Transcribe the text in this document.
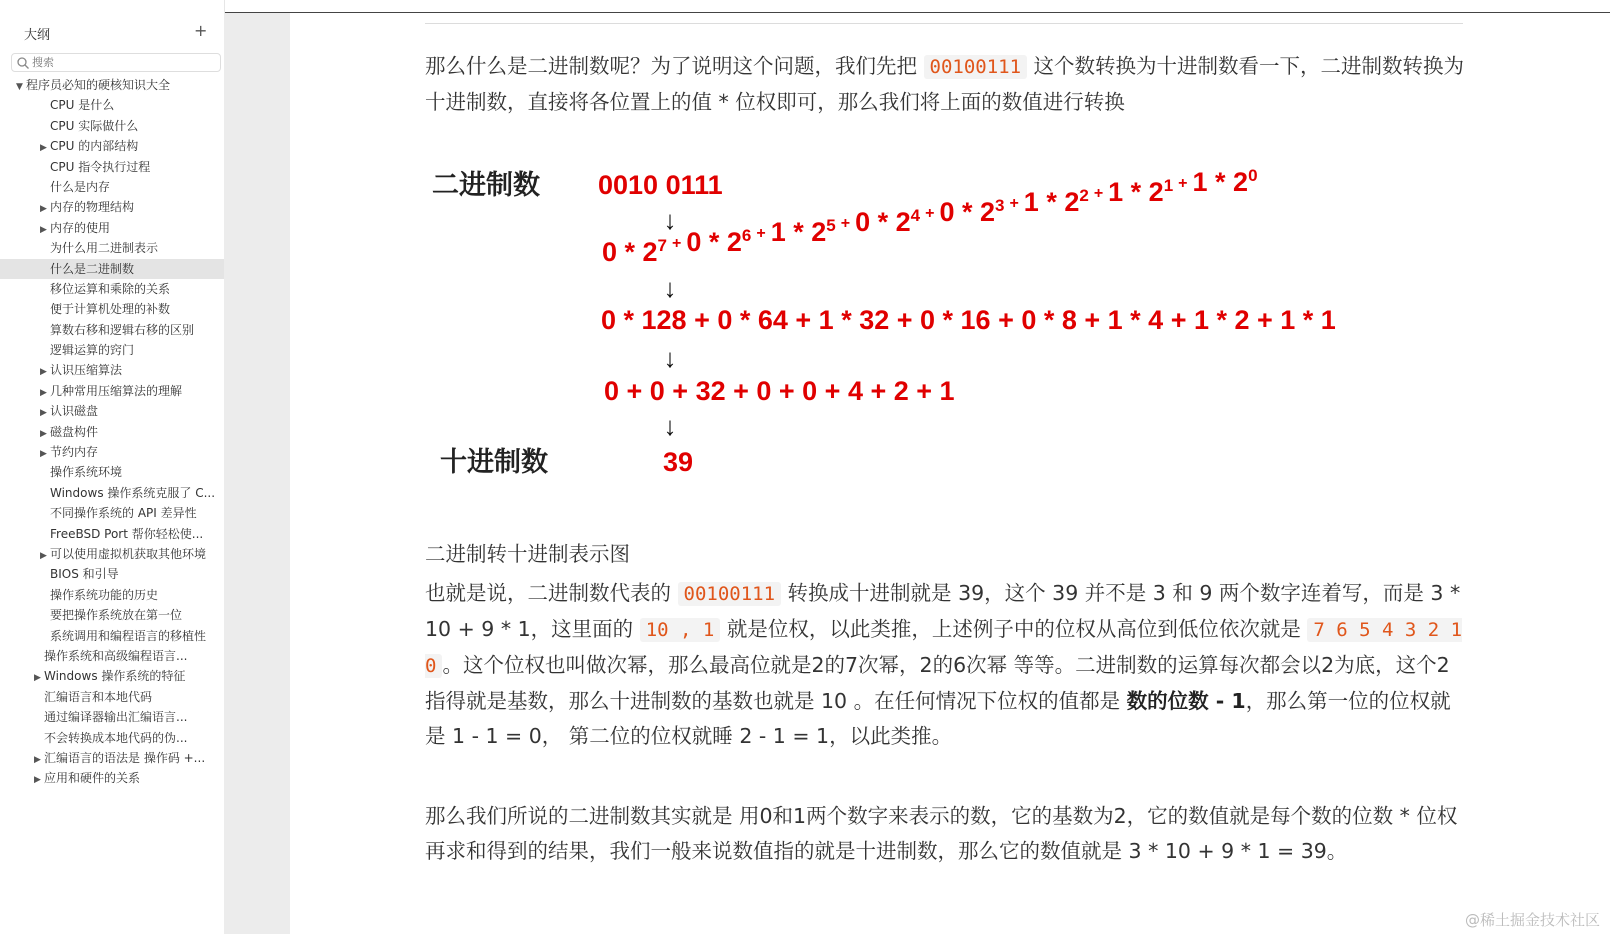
大纲	+
搜索
▼ 程序员必知的硬核知识大全
CPU 是什么
CPU 实际做什么
▶ CPU 的内部结构
CPU 指令执行过程
什么是内存
▶ 内存的物理结构
▶ 内存的使用
为什么用二进制表示
什么是二进制数
移位运算和乘除的关系
便于计算机处理的补数
算数右移和逻辑右移的区别
逻辑运算的窍门
▶ 认识压缩算法
▶ 几种常用压缩算法的理解
▶ 认识磁盘
▶ 磁盘构件
▶ 节约内存
操作系统环境
Windows 操作系统克服了 C...
不同操作系统的 API 差异性
FreeBSD Port 帮你轻松使...
▶ 可以使用虚拟机获取其他环境
BIOS 和引导
操作系统功能的历史
要把操作系统放在第一位
系统调用和编程语言的移植性
操作系统和高级编程语言...
▶ Windows 操作系统的特征
汇编语言和本地代码
通过编译器输出汇编语言...
不会转换成本地代码的伪...
▶ 汇编语言的语法是 操作码 +...
▶ 应用和硬件的关系
那么什么是二进制数呢？为了说明这个问题，我们先把 00100111 这个数转换为十进制数看一下，二进制数转换为十进制数，直接将各位置上的值 * 位权即可，那么我们将上面的数值进行转换
二进制数 0010 0111
↓
0 * 27 + 0 * 26 + 1 * 25 + 0 * 24 + 0 * 23 + 1 * 22 + 1 * 21 + 1 * 20
↓
0 * 128 + 0 * 64 + 1 * 32 + 0 * 16 + 0 * 8 + 1 * 4 + 1 * 2 + 1 * 1
↓
0 + 0 + 32 + 0 + 0 + 4 + 2 + 1
↓
十进制数	39
二进制转十进制表示图
也就是说，二进制数代表的 00100111 转换成十进制就是 39，这个 39 并不是 3 和 9 两个数字连着写，而是 3 * 10 + 9 * 1，这里面的 10 , 1 就是位权，以此类推，上述例子中的位权从高位到低位依次就是 7 6 5 4 3 2 1 0 。这个位权也叫做次幂，那么最高位就是2的7次幂，2的6次幂 等等。二进制数的运算每次都会以2为底，这个2 指得就是基数，那么十进制数的基数也就是 10 。在任何情况下位权的值都是 数的位数 - 1，那么第一位的位权就是 1 - 1 = 0， 第二位的位权就睡 2 - 1 = 1，以此类推。
那么我们所说的二进制数其实就是 用0和1两个数字来表示的数，它的基数为2，它的数值就是每个数的位数 * 位权再求和得到的结果，我们一般来说数值指的就是十进制数，那么它的数值就是 3 * 10 + 9 * 1 = 39。
@稀土掘金技术社区
